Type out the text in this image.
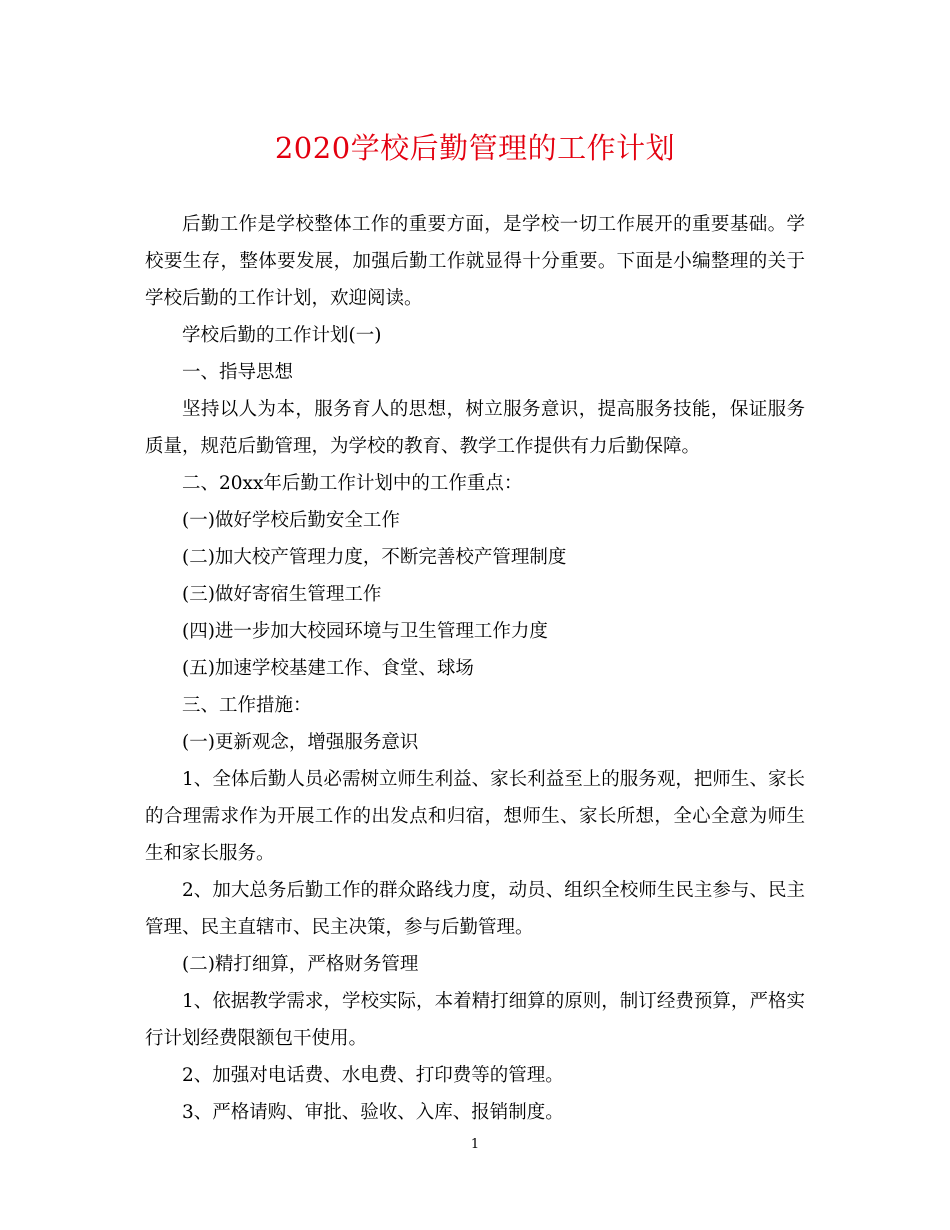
2020学校后勤管理的工作计划

后勤工作是学校整体工作的重要方面，是学校一切工作展开的重要基础。学校要生存，整体要发展，加强后勤工作就显得十分重要。下面是小编整理的关于学校后勤的工作计划，欢迎阅读。

学校后勤的工作计划(一)

一、指导思想

坚持以人为本，服务育人的思想，树立服务意识，提高服务技能，保证服务质量，规范后勤管理，为学校的教育、教学工作提供有力后勤保障。

二、20xx年后勤工作计划中的工作重点：

(一)做好学校后勤安全工作

(二)加大校产管理力度，不断完善校产管理制度

(三)做好寄宿生管理工作

(四)进一步加大校园环境与卫生管理工作力度

(五)加速学校基建工作、食堂、球场

三、工作措施：

(一)更新观念，增强服务意识

1、全体后勤人员必需树立师生利益、家长利益至上的服务观，把师生、家长的合理需求作为开展工作的出发点和归宿，想师生、家长所想，全心全意为师生生和家长服务。

2、加大总务后勤工作的群众路线力度，动员、组织全校师生民主参与、民主管理、民主直辖市、民主决策，参与后勤管理。

(二)精打细算，严格财务管理

1、依据教学需求，学校实际，本着精打细算的原则，制订经费预算，严格实行计划经费限额包干使用。

2、加强对电话费、水电费、打印费等的管理。

3、严格请购、审批、验收、入库、报销制度。

1
